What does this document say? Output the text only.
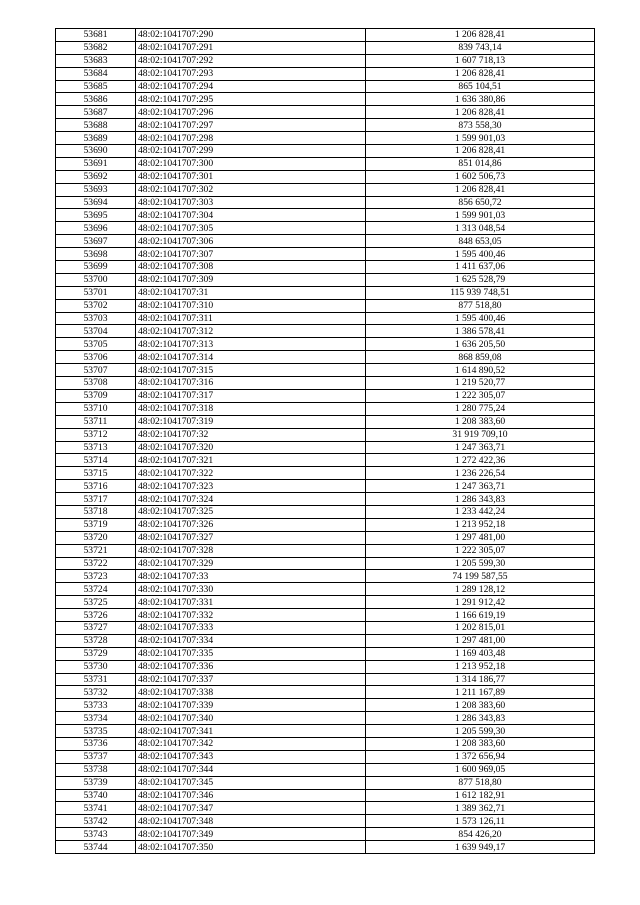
53681	48:02:1041707:290	1 206 828,41
53682	48:02:1041707:291	839 743,14
53683	48:02:1041707:292	1 607 718,13
53684	48:02:1041707:293	1 206 828,41
53685	48:02:1041707:294	865 104,51
53686	48:02:1041707:295	1 636 380,86
53687	48:02:1041707:296	1 206 828,41
53688	48:02:1041707:297	873 558,30
53689	48:02:1041707:298	1 599 901,03
53690	48:02:1041707:299	1 206 828,41
53691	48:02:1041707:300	851 014,86
53692	48:02:1041707:301	1 602 506,73
53693	48:02:1041707:302	1 206 828,41
53694	48:02:1041707:303	856 650,72
53695	48:02:1041707:304	1 599 901,03
53696	48:02:1041707:305	1 313 048,54
53697	48:02:1041707:306	848 653,05
53698	48:02:1041707:307	1 595 400,46
53699	48:02:1041707:308	1 411 637,06
53700	48:02:1041707:309	1 625 528,79
53701	48:02:1041707:31	115 939 748,51
53702	48:02:1041707:310	877 518,80
53703	48:02:1041707:311	1 595 400,46
53704	48:02:1041707:312	1 386 578,41
53705	48:02:1041707:313	1 636 205,50
53706	48:02:1041707:314	868 859,08
53707	48:02:1041707:315	1 614 890,52
53708	48:02:1041707:316	1 219 520,77
53709	48:02:1041707:317	1 222 305,07
53710	48:02:1041707:318	1 280 775,24
53711	48:02:1041707:319	1 208 383,60
53712	48:02:1041707:32	31 919 709,10
53713	48:02:1041707:320	1 247 363,71
53714	48:02:1041707:321	1 272 422,36
53715	48:02:1041707:322	1 236 226,54
53716	48:02:1041707:323	1 247 363,71
53717	48:02:1041707:324	1 286 343,83
53718	48:02:1041707:325	1 233 442,24
53719	48:02:1041707:326	1 213 952,18
53720	48:02:1041707:327	1 297 481,00
53721	48:02:1041707:328	1 222 305,07
53722	48:02:1041707:329	1 205 599,30
53723	48:02:1041707:33	74 199 587,55
53724	48:02:1041707:330	1 289 128,12
53725	48:02:1041707:331	1 291 912,42
53726	48:02:1041707:332	1 166 619,19
53727	48:02:1041707:333	1 202 815,01
53728	48:02:1041707:334	1 297 481,00
53729	48:02:1041707:335	1 169 403,48
53730	48:02:1041707:336	1 213 952,18
53731	48:02:1041707:337	1 314 186,77
53732	48:02:1041707:338	1 211 167,89
53733	48:02:1041707:339	1 208 383,60
53734	48:02:1041707:340	1 286 343,83
53735	48:02:1041707:341	1 205 599,30
53736	48:02:1041707:342	1 208 383,60
53737	48:02:1041707:343	1 372 656,94
53738	48:02:1041707:344	1 600 969,05
53739	48:02:1041707:345	877 518,80
53740	48:02:1041707:346	1 612 182,91
53741	48:02:1041707:347	1 389 362,71
53742	48:02:1041707:348	1 573 126,11
53743	48:02:1041707:349	854 426,20
53744	48:02:1041707:350	1 639 949,17
